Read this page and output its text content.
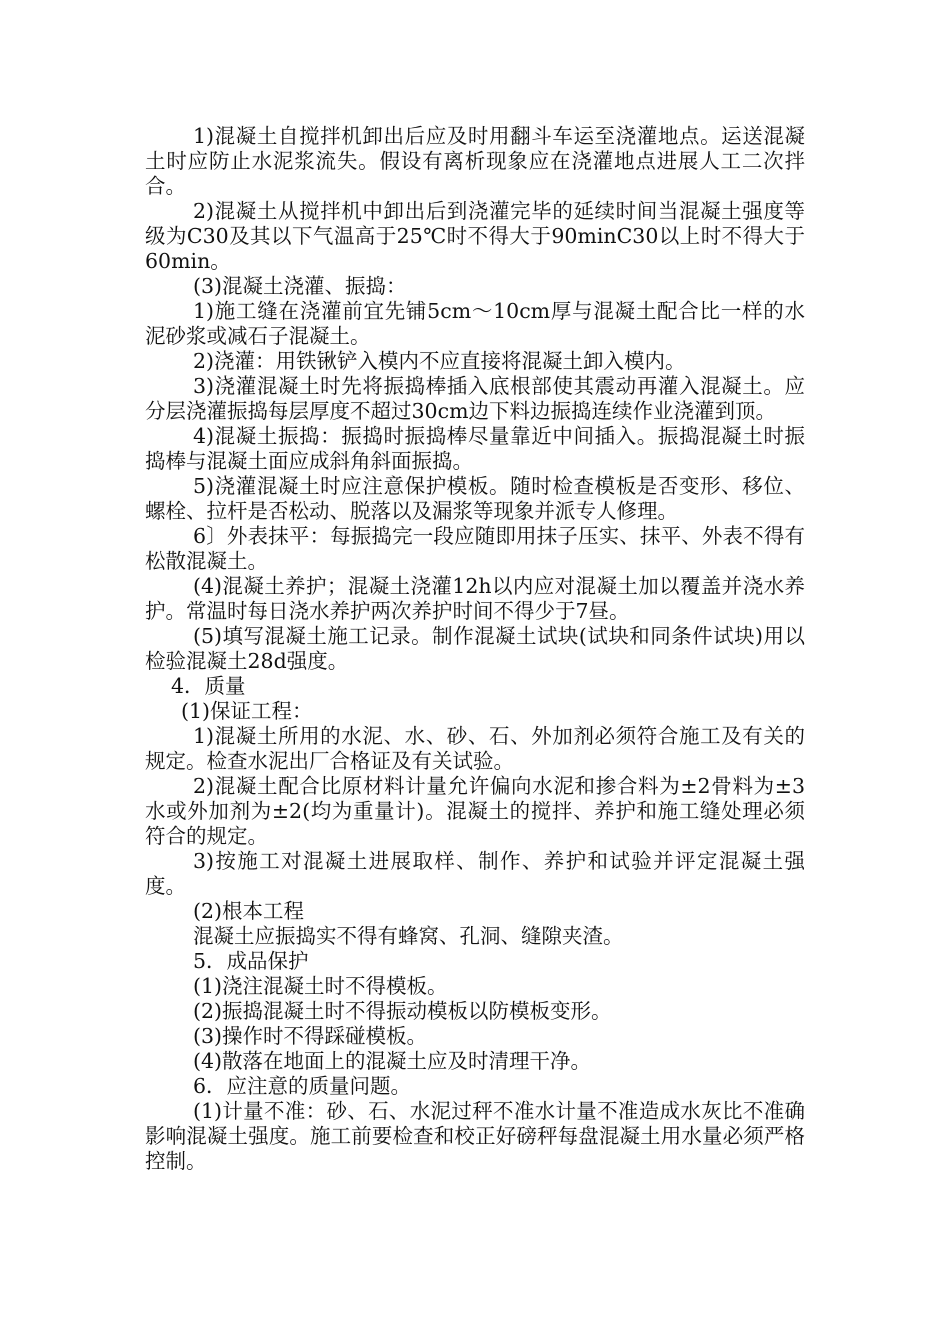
1)混凝土自搅拌机卸出后应及时用翻斗车运至浇灌地点。运送混凝土时应防止水泥浆流失。假设有离析现象应在浇灌地点进展人工二次拌合。

2)混凝土从搅拌机中卸出后到浇灌完毕的延续时间当混凝土强度等级为C30及其以下气温高于25℃时不得大于90minC30以上时不得大于60min。

(3)混凝土浇灌、振捣：

1)施工缝在浇灌前宜先铺5cm～10cm厚与混凝土配合比一样的水泥砂浆或减石子混凝土。

2)浇灌：用铁锹铲入模内不应直接将混凝土卸入模内。

3)浇灌混凝土时先将振捣棒插入底根部使其震动再灌入混凝土。应分层浇灌振捣每层厚度不超过30cm边下料边振捣连续作业浇灌到顶。

4)混凝土振捣：振捣时振捣棒尽量靠近中间插入。振捣混凝土时振捣棒与混凝土面应成斜角斜面振捣。

5)浇灌混凝土时应注意保护模板。随时检查模板是否变形、移位、螺栓、拉杆是否松动、脱落以及漏浆等现象并派专人修理。

6〕外表抹平：每振捣完一段应随即用抹子压实、抹平、外表不得有松散混凝土。

(4)混凝土养护；混凝土浇灌12h以内应对混凝土加以覆盖并浇水养护。常温时每日浇水养护两次养护时间不得少于7昼。

(5)填写混凝土施工记录。制作混凝土试块(试块和同条件试块)用以检验混凝土28d强度。

4．质量

(1)保证工程：

1)混凝土所用的水泥、水、砂、石、外加剂必须符合施工及有关的规定。检查水泥出厂合格证及有关试验。

2)混凝土配合比原材料计量允许偏向水泥和掺合料为±2骨料为±3水或外加剂为±2(均为重量计)。混凝土的搅拌、养护和施工缝处理必须符合的规定。

3)按施工对混凝土进展取样、制作、养护和试验并评定混凝土强度。

(2)根本工程

混凝土应振捣实不得有蜂窝、孔洞、缝隙夹渣。

5．成品保护

(1)浇注混凝土时不得模板。

(2)振捣混凝土时不得振动模板以防模板变形。

(3)操作时不得踩碰模板。

(4)散落在地面上的混凝土应及时清理干净。

6．应注意的质量问题。

(1)计量不准：砂、石、水泥过秤不准水计量不准造成水灰比不准确影响混凝土强度。施工前要检查和校正好磅秤每盘混凝土用水量必须严格控制。
